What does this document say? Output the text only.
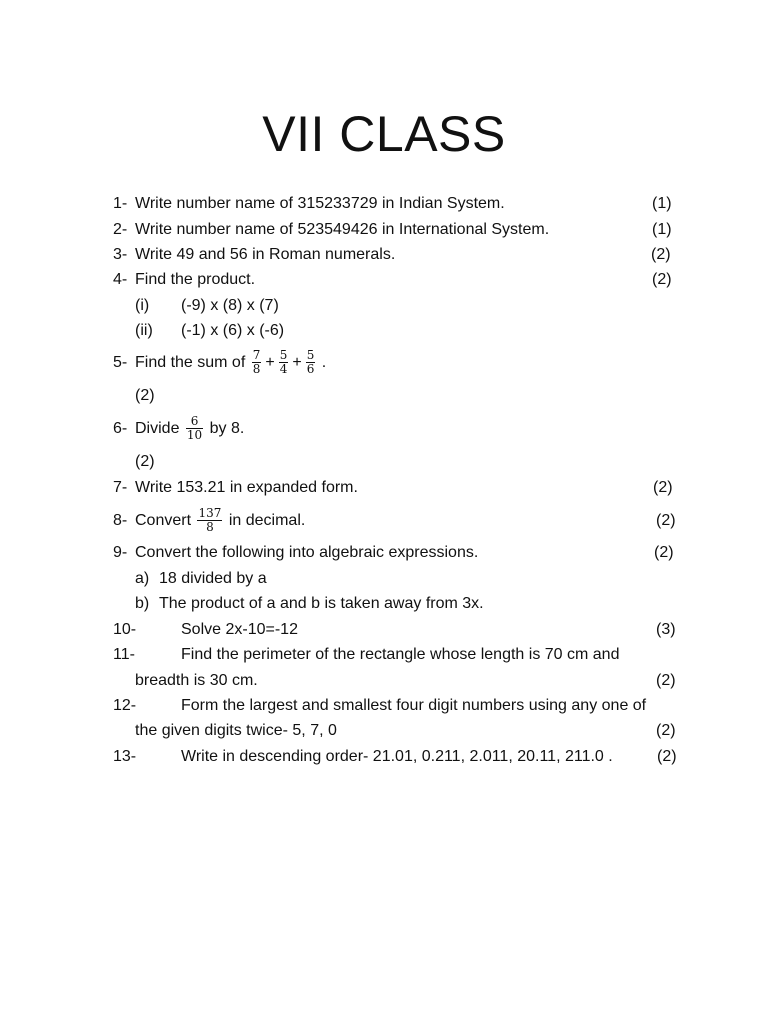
VII CLASS
1- Write number name of 315233729 in Indian System.	(1)
2- Write number name of 523549426 in International System.	(1)
3- Write 49 and 56 in Roman numerals.	(2)
4- Find the product.	(2)
(i) (-9) x (8) x (7)
(ii) (-1) x (6) x (-6)
5- Find the sum of $\frac{7}{8} + \frac{5}{4} + \frac{5}{6}$ .
(2)
6- Divide $\frac{6}{10}$ by 8.
(2)
7- Write 153.21 in expanded form.	(2)
8- Convert $\frac{137}{8}$ in decimal.	(2)
9- Convert the following into algebraic expressions.	(2)
a) 18 divided by a
b) The product of a and b is taken away from 3x.
10-	Solve 2x-10=-12	(3)
11-	Find the perimeter of the rectangle whose length is 70 cm and
breadth is 30 cm.	(2)
12-	Form the largest and smallest four digit numbers using any one of
the given digits twice- 5, 7, 0	(2)
13-	Write in descending order- 21.01, 0.211, 2.011, 20.11, 211.0 .	(2)
